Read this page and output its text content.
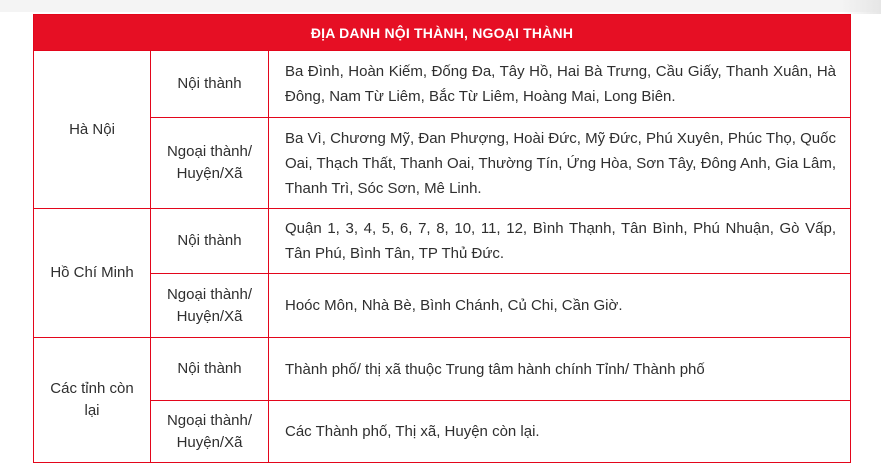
ĐỊA DANH NỘI THÀNH, NGOẠI THÀNH		
Hà Nội	Nội thành	Ba Đình, Hoàn Kiếm, Đống Đa, Tây Hồ, Hai Bà Trưng, Cầu Giấy, Thanh Xuân, Hà Đông, Nam Từ Liêm, Bắc Từ Liêm, Hoàng Mai, Long Biên.
	Ngoại thành/ Huyện/Xã	Ba Vì, Chương Mỹ, Đan Phượng, Hoài Đức, Mỹ Đức, Phú Xuyên, Phúc Thọ, Quốc Oai, Thạch Thất, Thanh Oai, Thường Tín, Ứng Hòa, Sơn Tây, Đông Anh, Gia Lâm, Thanh Trì, Sóc Sơn, Mê Linh.
Hồ Chí Minh	Nội thành	Quận 1, 3, 4, 5, 6, 7, 8, 10, 11, 12, Bình Thạnh, Tân Bình, Phú Nhuận, Gò Vấp, Tân Phú, Bình Tân, TP Thủ Đức.
	Ngoại thành/ Huyện/Xã	Hoóc Môn, Nhà Bè, Bình Chánh, Củ Chi, Cần Giờ.
Các tỉnh còn lại	Nội thành	Thành phố/ thị xã thuộc Trung tâm hành chính Tỉnh/ Thành phố
	Ngoại thành/ Huyện/Xã	Các Thành phố, Thị xã, Huyện còn lại.
